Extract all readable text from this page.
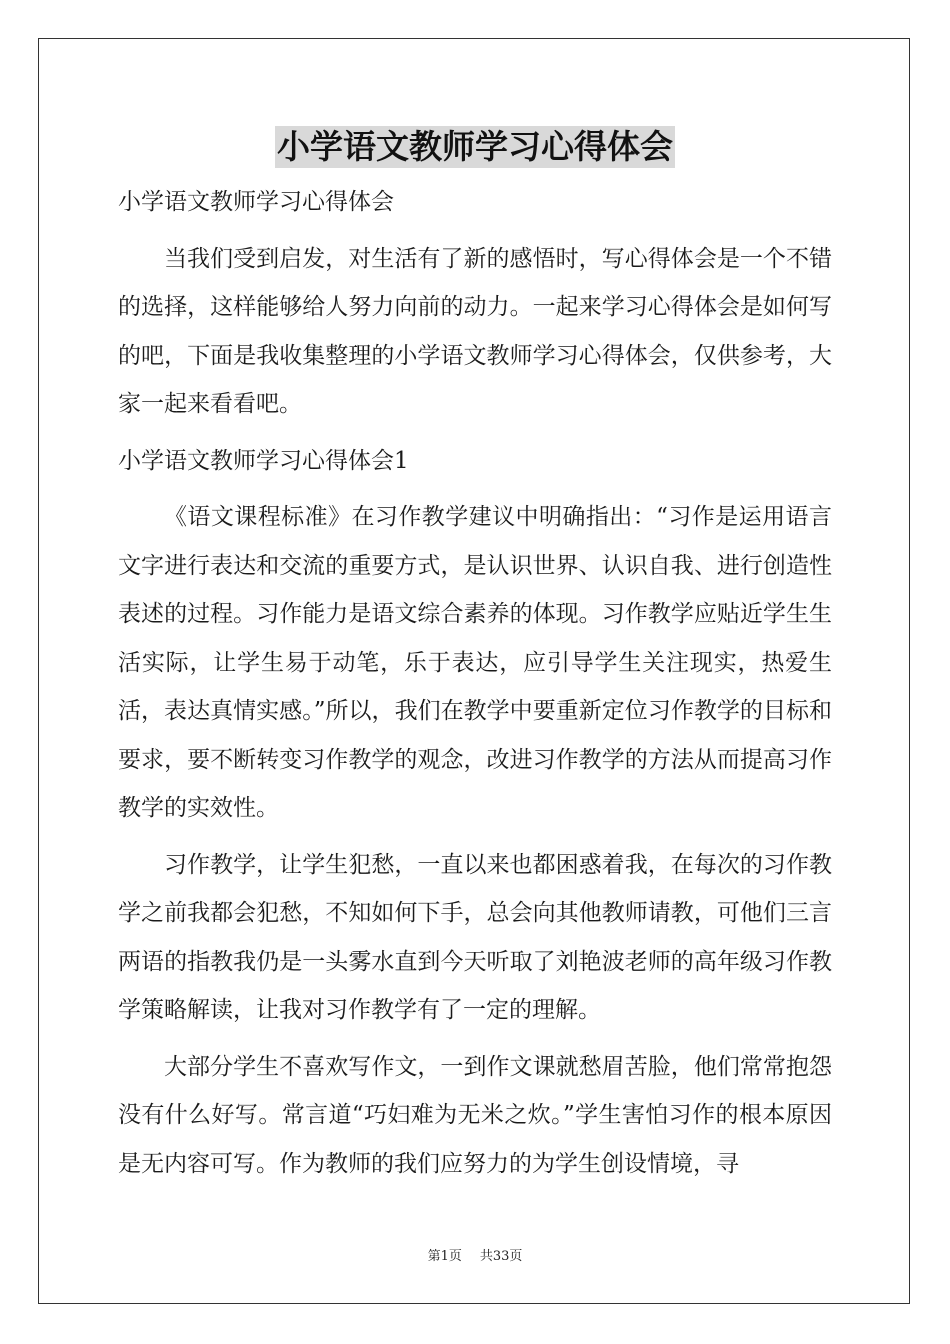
小学语文教师学习心得体会

小学语文教师学习心得体会

当我们受到启发，对生活有了新的感悟时，写心得体会是一个不错的选择，这样能够给人努力向前的动力。一起来学习心得体会是如何写的吧，下面是我收集整理的小学语文教师学习心得体会，仅供参考，大家一起来看看吧。

小学语文教师学习心得体会1

《语文课程标准》在习作教学建议中明确指出：“习作是运用语言文字进行表达和交流的重要方式，是认识世界、认识自我、进行创造性表述的过程。习作能力是语文综合素养的体现。习作教学应贴近学生生活实际，让学生易于动笔，乐于表达，应引导学生关注现实，热爱生活，表达真情实感。”所以，我们在教学中要重新定位习作教学的目标和要求，要不断转变习作教学的观念，改进习作教学的方法从而提高习作教学的实效性。

习作教学，让学生犯愁，一直以来也都困惑着我，在每次的习作教学之前我都会犯愁，不知如何下手，总会向其他教师请教，可他们三言两语的指教我仍是一头雾水直到今天听取了刘艳波老师的高年级习作教学策略解读，让我对习作教学有了一定的理解。

大部分学生不喜欢写作文，一到作文课就愁眉苦脸，他们常常抱怨没有什么好写。常言道“巧妇难为无米之炊。”学生害怕习作的根本原因是无内容可写。作为教师的我们应努力的为学生创设情境，寻

第1页 共33页
